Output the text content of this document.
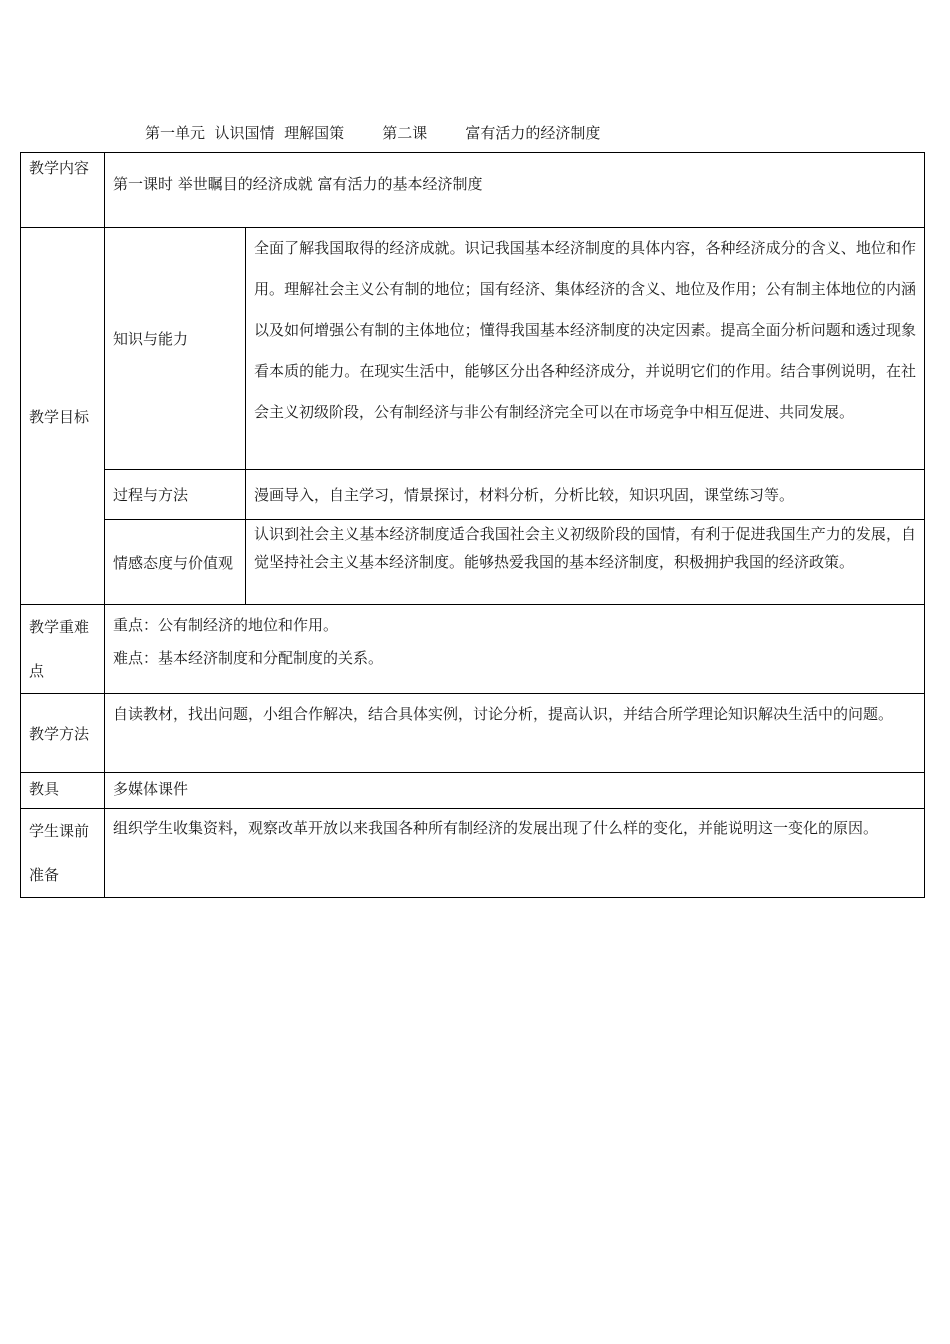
第一单元  认识国情  理解国策        第二课        富有活力的经济制度
教学内容	第一课时 举世瞩目的经济成就 富有活力的基本经济制度	
教学目标	知识与能力	全面了解我国取得的经济成就。识记我国基本经济制度的具体内容，各种经济成分的含义、地位和作用。理解社会主义公有制的地位；国有经济、集体经济的含义、地位及作用；公有制主体地位的内涵以及如何增强公有制的主体地位；懂得我国基本经济制度的决定因素。提高全面分析问题和透过现象看本质的能力。在现实生活中，能够区分出各种经济成分，并说明它们的作用。结合事例说明，在社会主义初级阶段，公有制经济与非公有制经济完全可以在市场竞争中相互促进、共同发展。
	过程与方法	漫画导入，自主学习，情景探讨，材料分析，分析比较，知识巩固，课堂练习等。
	情感态度与价值观	认识到社会主义基本经济制度适合我国社会主义初级阶段的国情，有利于促进我国生产力的发展，自觉坚持社会主义基本经济制度。能够热爱我国的基本经济制度，积极拥护我国的经济政策。
教学重难点	重点：公有制经济的地位和作用。
难点：基本经济制度和分配制度的关系。	

教学方法	自读教材，找出问题，小组合作解决，结合具体实例，讨论分析，提高认识，并结合所学理论知识解决生活中的问题。	
教具	多媒体课件	
学生课前准备	组织学生收集资料，观察改革开放以来我国各种所有制经济的发展出现了什么样的变化，并能说明这一变化的原因。	
